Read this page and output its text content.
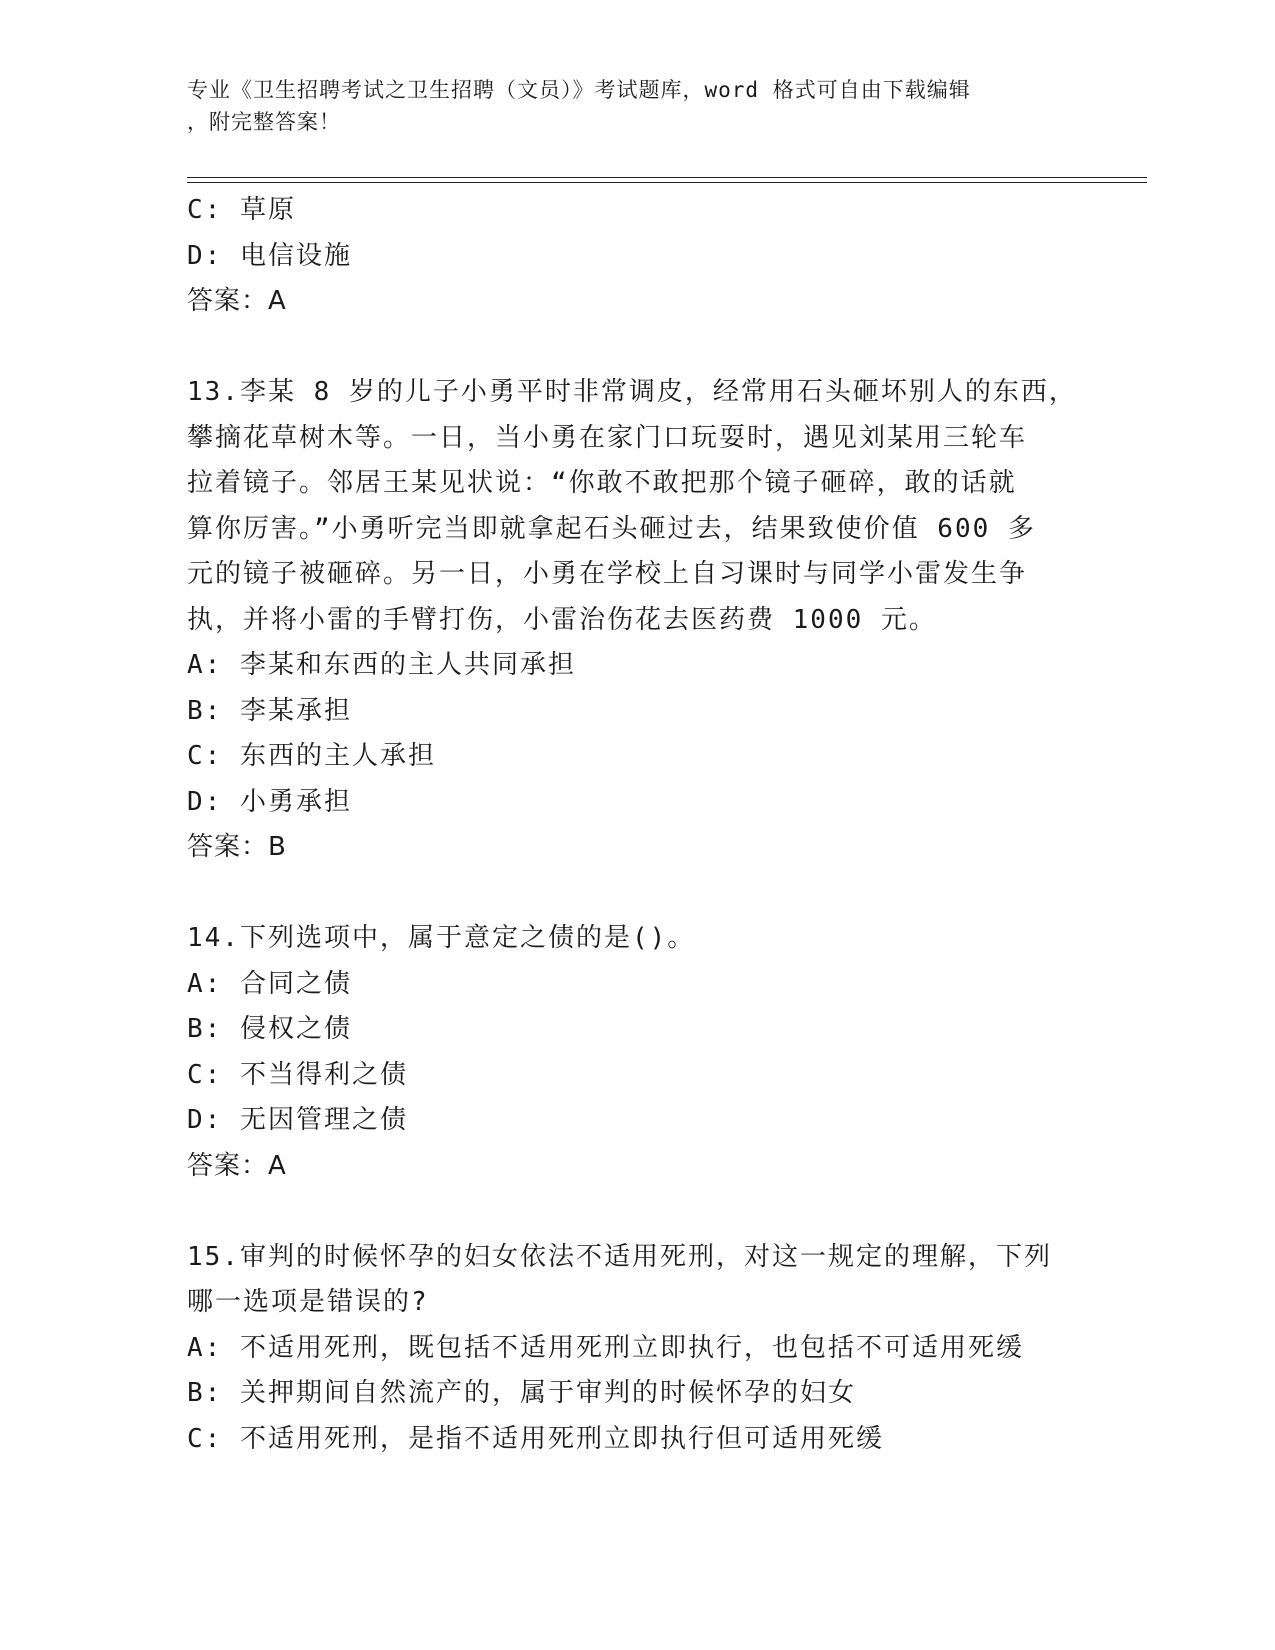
专业《卫生招聘考试之卫生招聘（文员）》考试题库，word 格式可自由下载编辑
，附完整答案！
C: 草原
D: 电信设施
答案：A
13.李某 8 岁的儿子小勇平时非常调皮，经常用石头砸坏别人的东西，
攀摘花草树木等。一日，当小勇在家门口玩耍时，遇见刘某用三轮车
拉着镜子。邻居王某见状说：“你敢不敢把那个镜子砸碎，敢的话就
算你厉害。”小勇听完当即就拿起石头砸过去，结果致使价值 600 多
元的镜子被砸碎。另一日，小勇在学校上自习课时与同学小雷发生争
执，并将小雷的手臂打伤，小雷治伤花去医药费 1000 元。
A: 李某和东西的主人共同承担
B: 李某承担
C: 东西的主人承担
D: 小勇承担
答案：B
14.下列选项中，属于意定之债的是()。
A: 合同之债
B: 侵权之债
C: 不当得利之债
D: 无因管理之债
答案：A
15.审判的时候怀孕的妇女依法不适用死刑，对这一规定的理解，下列
哪一选项是错误的?
A: 不适用死刑，既包括不适用死刑立即执行，也包括不可适用死缓
B: 关押期间自然流产的，属于审判的时候怀孕的妇女
C: 不适用死刑，是指不适用死刑立即执行但可适用死缓
